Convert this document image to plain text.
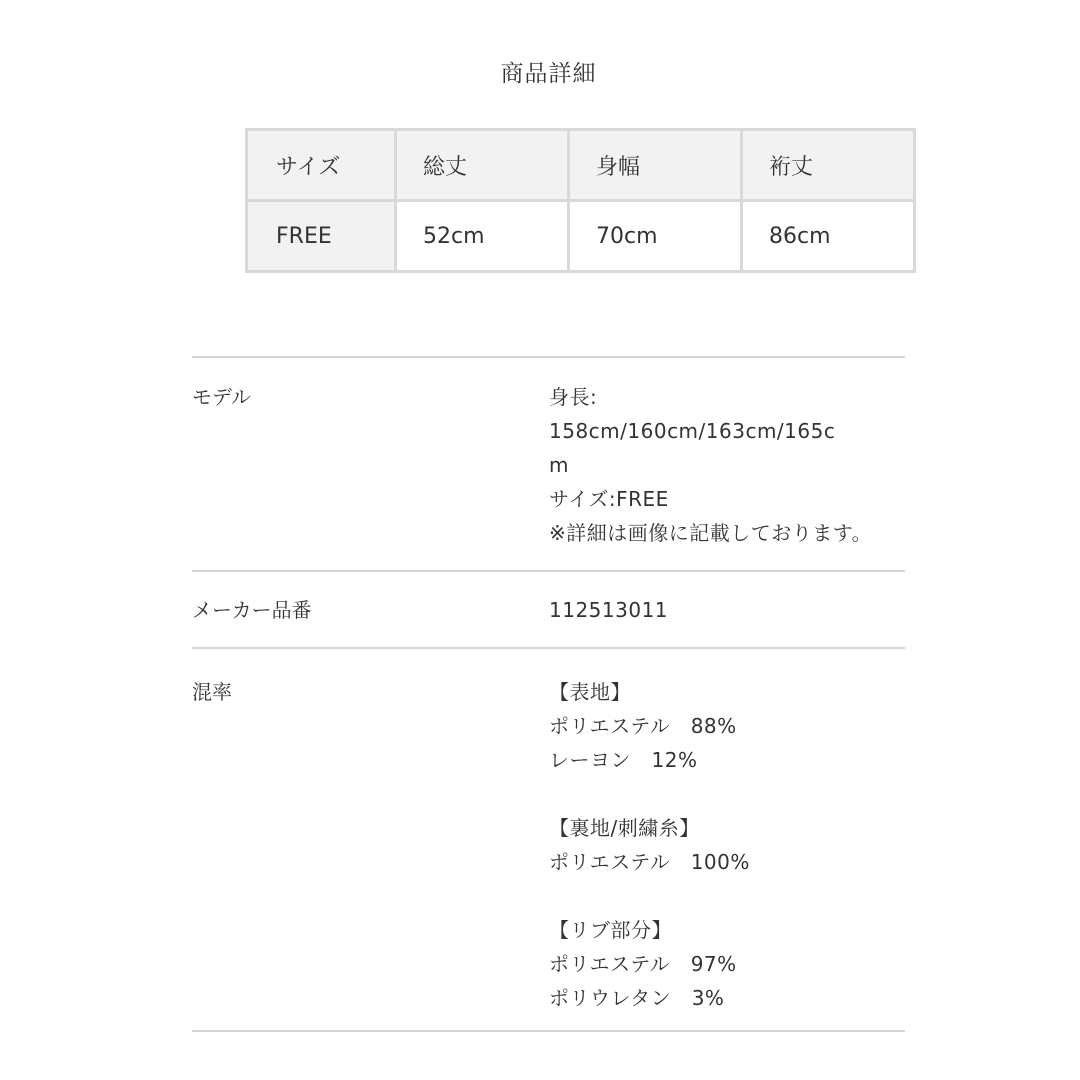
商品詳細
サイズ	総丈	身幅	裄丈
FREE	52cm	70cm	86cm
モデル	身長:
158cm/160cm/163cm/165c
m
サイズ:FREE
※詳細は画像に記載しております。
メーカー品番	112513011
混率	【表地】
ポリエステル　88%
レーヨン　12%
【裏地/刺繍糸】
ポリエステル　100%
【リブ部分】
ポリエステル　97%
ポリウレタン　3%
